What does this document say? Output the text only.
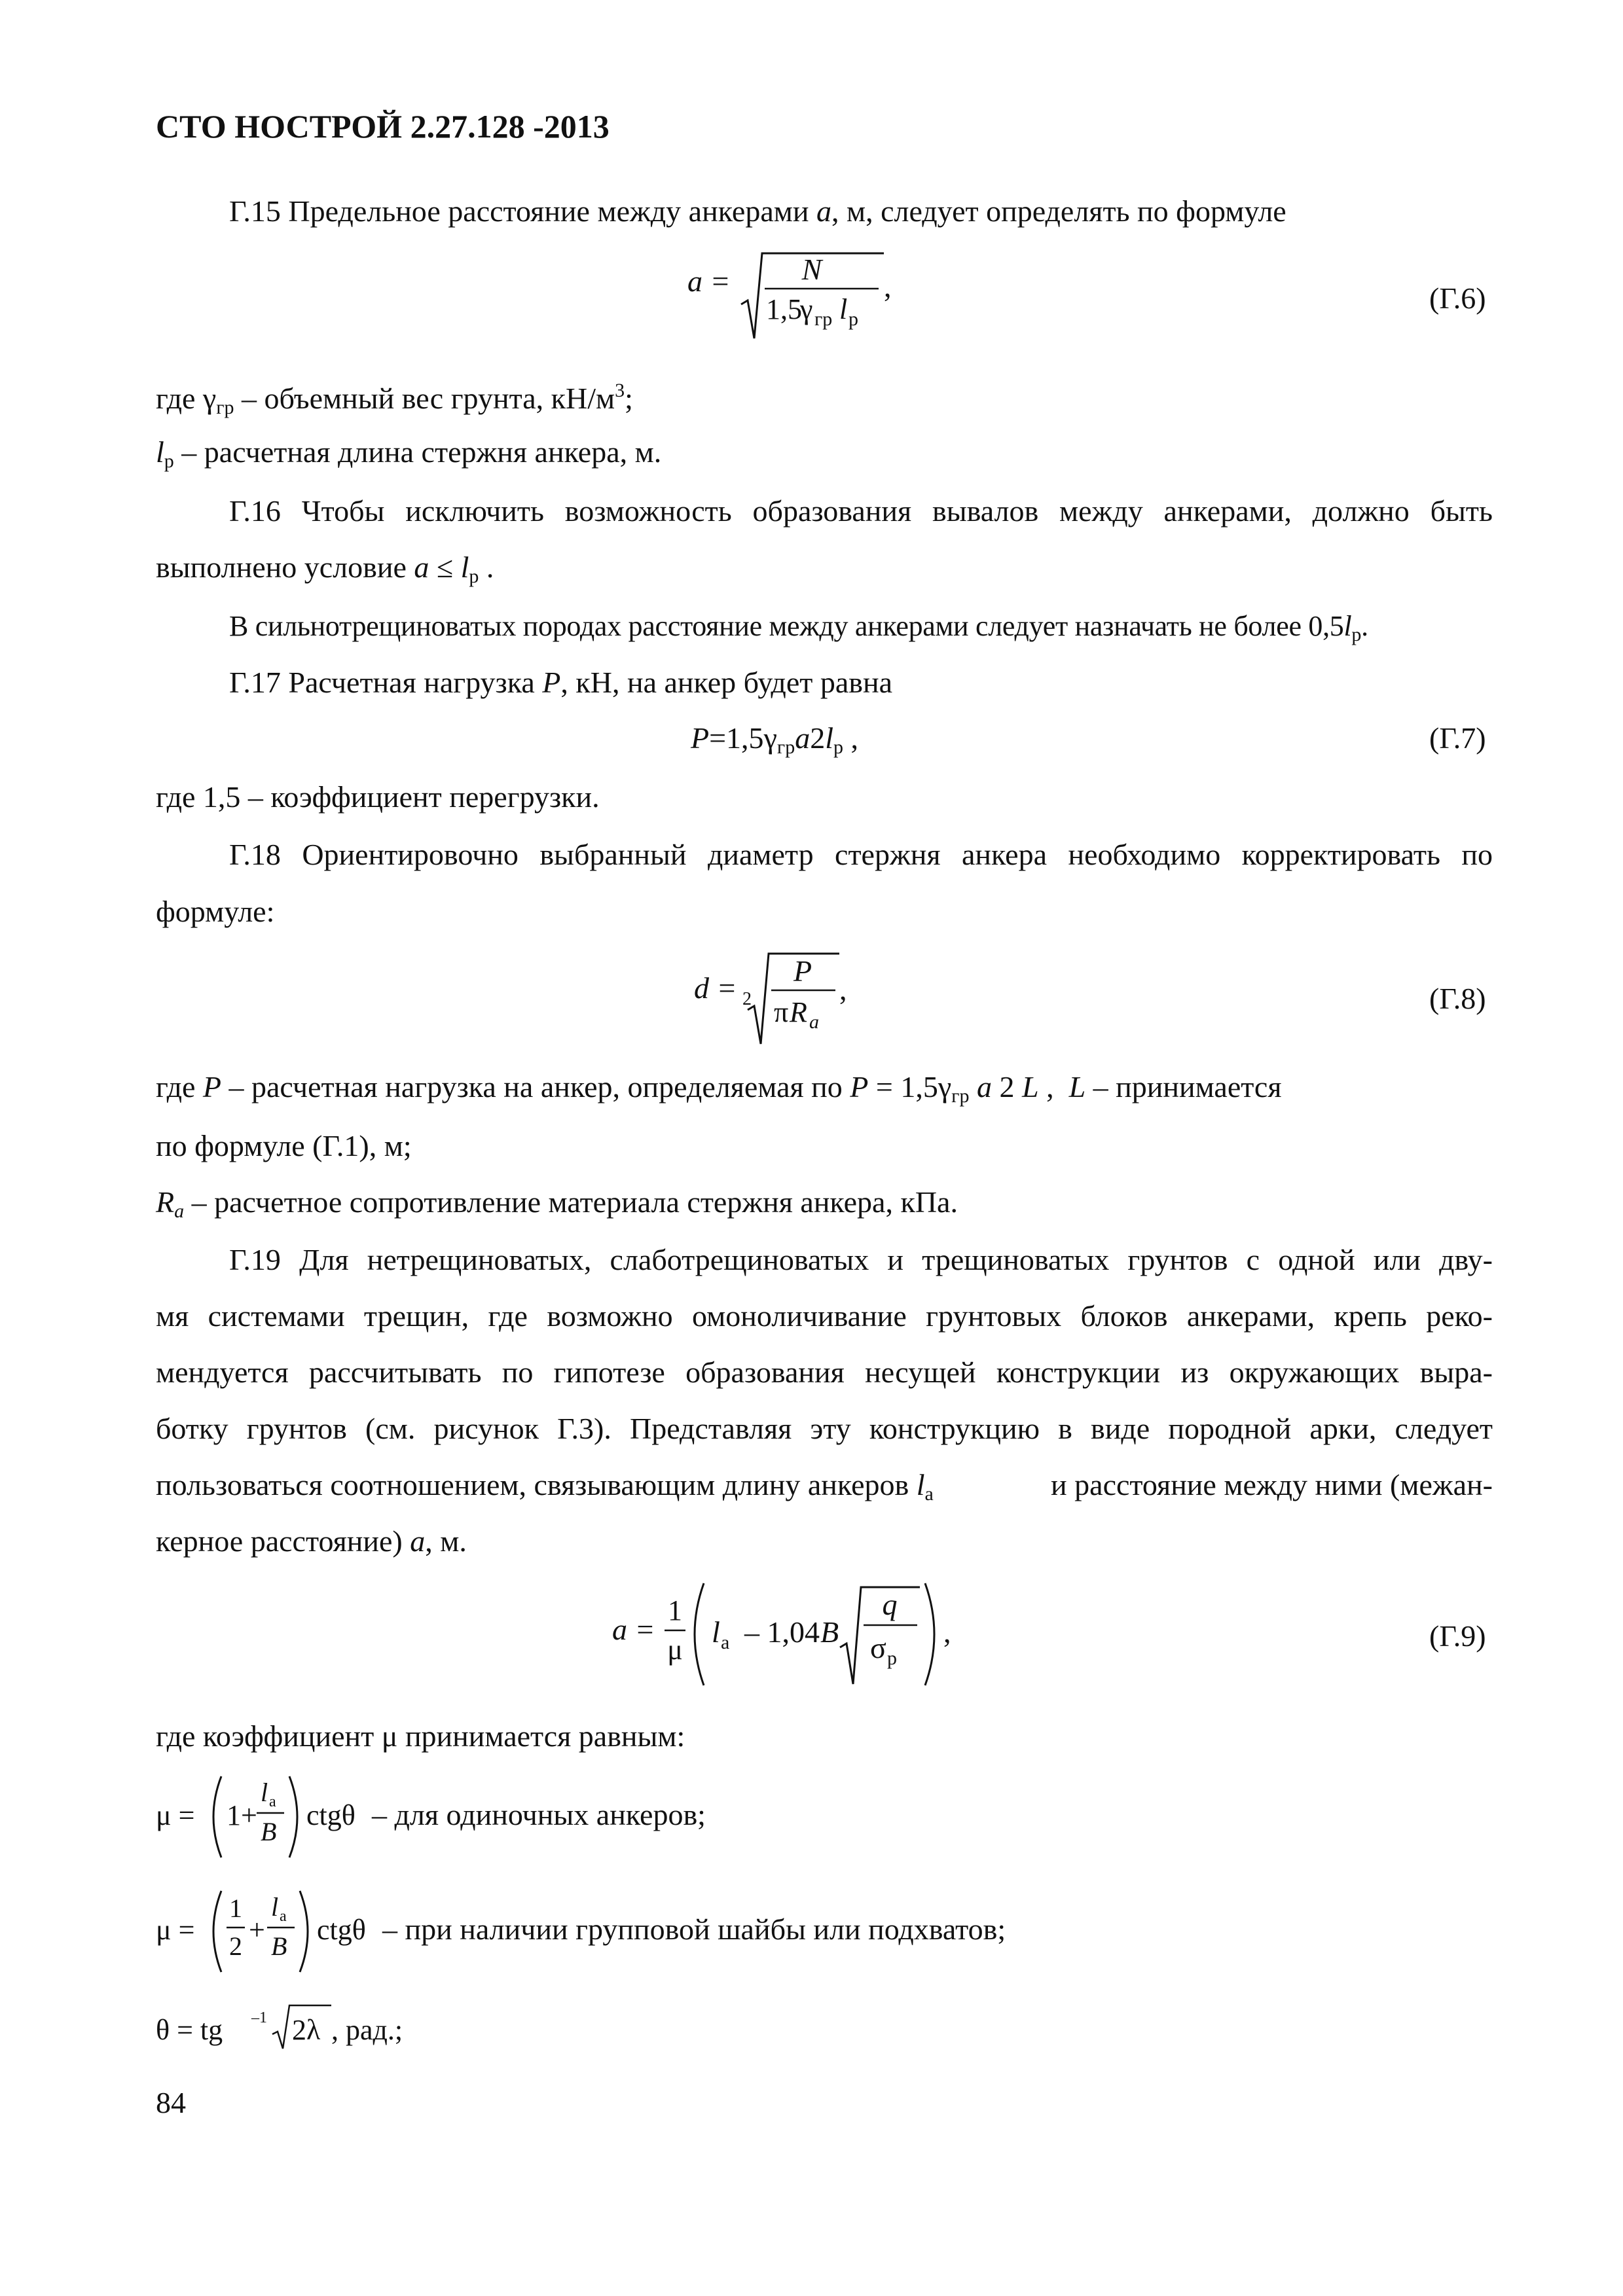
СТО НОСТРОЙ 2.27.128 -2013
Г.15 Предельное расстояние между анкерами a, м, следует определять по формуле
a = N
1,5
γ гр l р
,	(Г.6)
где $\gamma_{гр}$ – объемный вес грунта, $кН/м^3$;
$l_р$ – расчетная длина стержня анкера, м.
Г.16 Чтобы исключить возможность образования вывалов между анкерами, должно быть
выполнено условие $a \le l_р$ .
В сильнотрещиноватых породах расстояние между анкерами следует назначать не более $0,5l_р$.
Г.17 Расчетная нагрузка P, кН, на анкер будет равна
$P=1,5\gamma_{гр}a2l_р$ ,	(Г.7)
где 1,5 – коэффициент перегрузки.
Г.18 Ориентировочно выбранный диаметр стержня анкера необходимо корректировать по
формуле:
d = 2
P
π R a
,	(Г.8)
где P – расчетная нагрузка на анкер, определяемая по $P = 1,5\gamma_{гр}$ a 2 L ,  L – принимается
по формуле (Г.1), м;
$R_a$ – расчетное сопротивление материала стержня анкера, кПа.
Г.19 Для нетрещиноватых, слаботрещиноватых и трещиноватых грунтов с одной или дву-
мя системами трещин, где возможно омоноличивание грунтовых блоков анкерами, крепь реко-
мендуется рассчитывать по гипотезе образования несущей конструкции из окружающих выра-
ботку грунтов (см. рисунок Г.3). Представляя эту конструкцию в виде породной арки, следует
пользоваться соотношением, связывающим длину анкеров $l_а$	и расстояние между ними (межан-
керное расстояние) a, м.
a =
1
μ
l а – 1,04 B
q
σ р
,	(Г.9)
где коэффициент μ принимается равным:
μ = 1+
l а
B
ctgθ – для одиночных анкеров;
μ =
1
2
+
l а
B
ctgθ – при наличии групповой шайбы или подхватов;
θ = tg –1 2λ , рад.;
84
